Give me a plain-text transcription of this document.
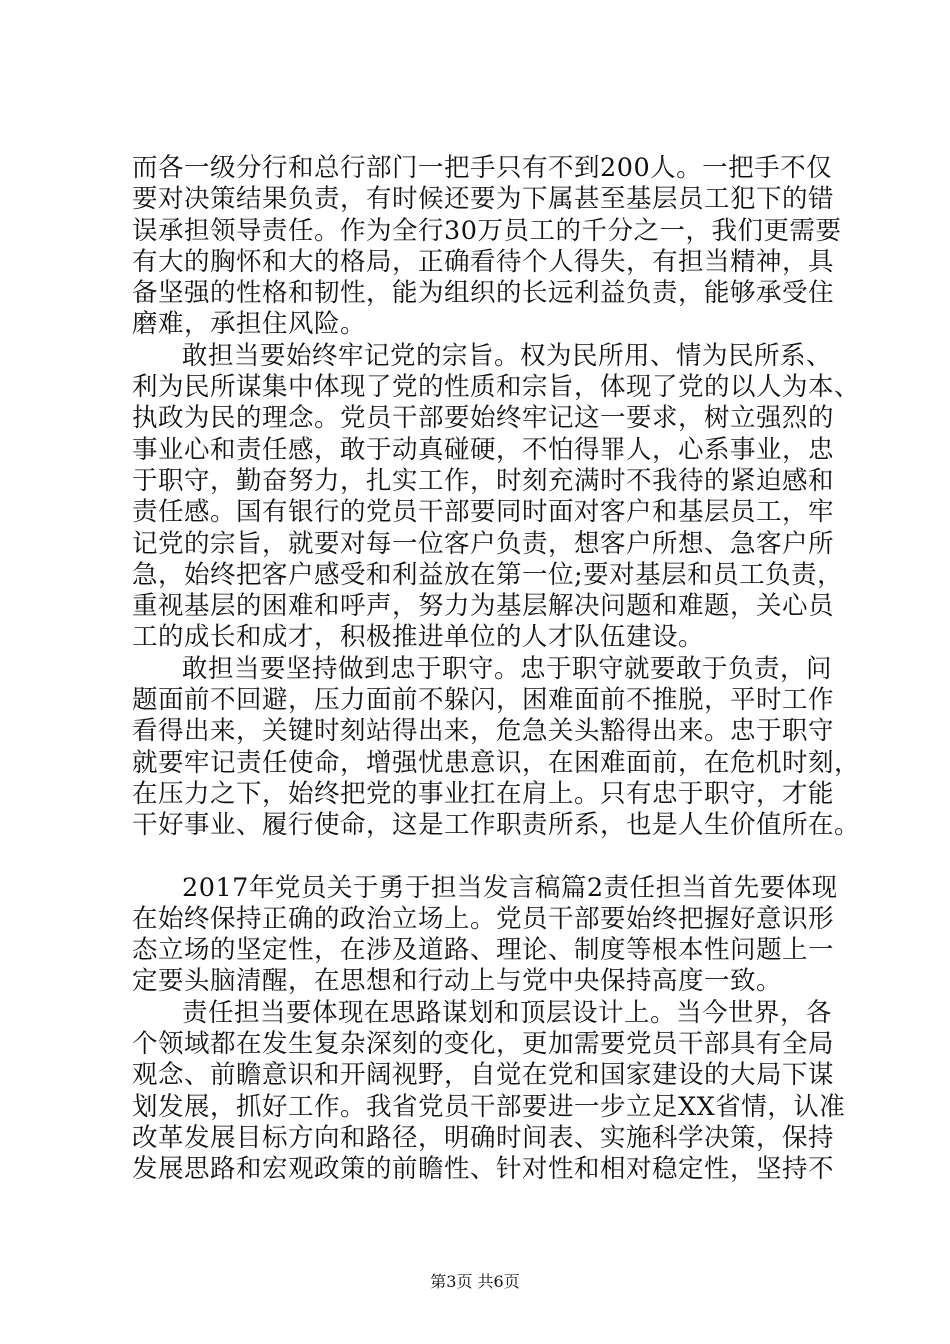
而各一级分行和总行部门一把手只有不到200人。一把手不仅
要对决策结果负责，有时候还要为下属甚至基层员工犯下的错
误承担领导责任。作为全行30万员工的千分之一，我们更需要
有大的胸怀和大的格局，正确看待个人得失，有担当精神，具
备坚强的性格和韧性，能为组织的长远利益负责，能够承受住
磨难，承担住风险。
敢担当要始终牢记党的宗旨。权为民所用、情为民所系、
利为民所谋集中体现了党的性质和宗旨，体现了党的以人为本、
执政为民的理念。党员干部要始终牢记这一要求，树立强烈的
事业心和责任感，敢于动真碰硬，不怕得罪人，心系事业，忠
于职守，勤奋努力，扎实工作，时刻充满时不我待的紧迫感和
责任感。国有银行的党员干部要同时面对客户和基层员工，牢
记党的宗旨，就要对每一位客户负责，想客户所想、急客户所
急，始终把客户感受和利益放在第一位;要对基层和员工负责，
重视基层的困难和呼声，努力为基层解决问题和难题，关心员
工的成长和成才，积极推进单位的人才队伍建设。
敢担当要坚持做到忠于职守。忠于职守就要敢于负责，问
题面前不回避，压力面前不躲闪，困难面前不推脱，平时工作
看得出来，关键时刻站得出来，危急关头豁得出来。忠于职守
就要牢记责任使命，增强忧患意识，在困难面前，在危机时刻，
在压力之下，始终把党的事业扛在肩上。只有忠于职守，才能
干好事业、履行使命，这是工作职责所系，也是人生价值所在。
2017年党员关于勇于担当发言稿篇2责任担当首先要体现
在始终保持正确的政治立场上。党员干部要始终把握好意识形
态立场的坚定性，在涉及道路、理论、制度等根本性问题上一
定要头脑清醒，在思想和行动上与党中央保持高度一致。
责任担当要体现在思路谋划和顶层设计上。当今世界，各
个领域都在发生复杂深刻的变化，更加需要党员干部具有全局
观念、前瞻意识和开阔视野，自觉在党和国家建设的大局下谋
划发展，抓好工作。我省党员干部要进一步立足XX省情，认准
改革发展目标方向和路径，明确时间表、实施科学决策，保持
发展思路和宏观政策的前瞻性、针对性和相对稳定性，坚持不
第3页 共6页
